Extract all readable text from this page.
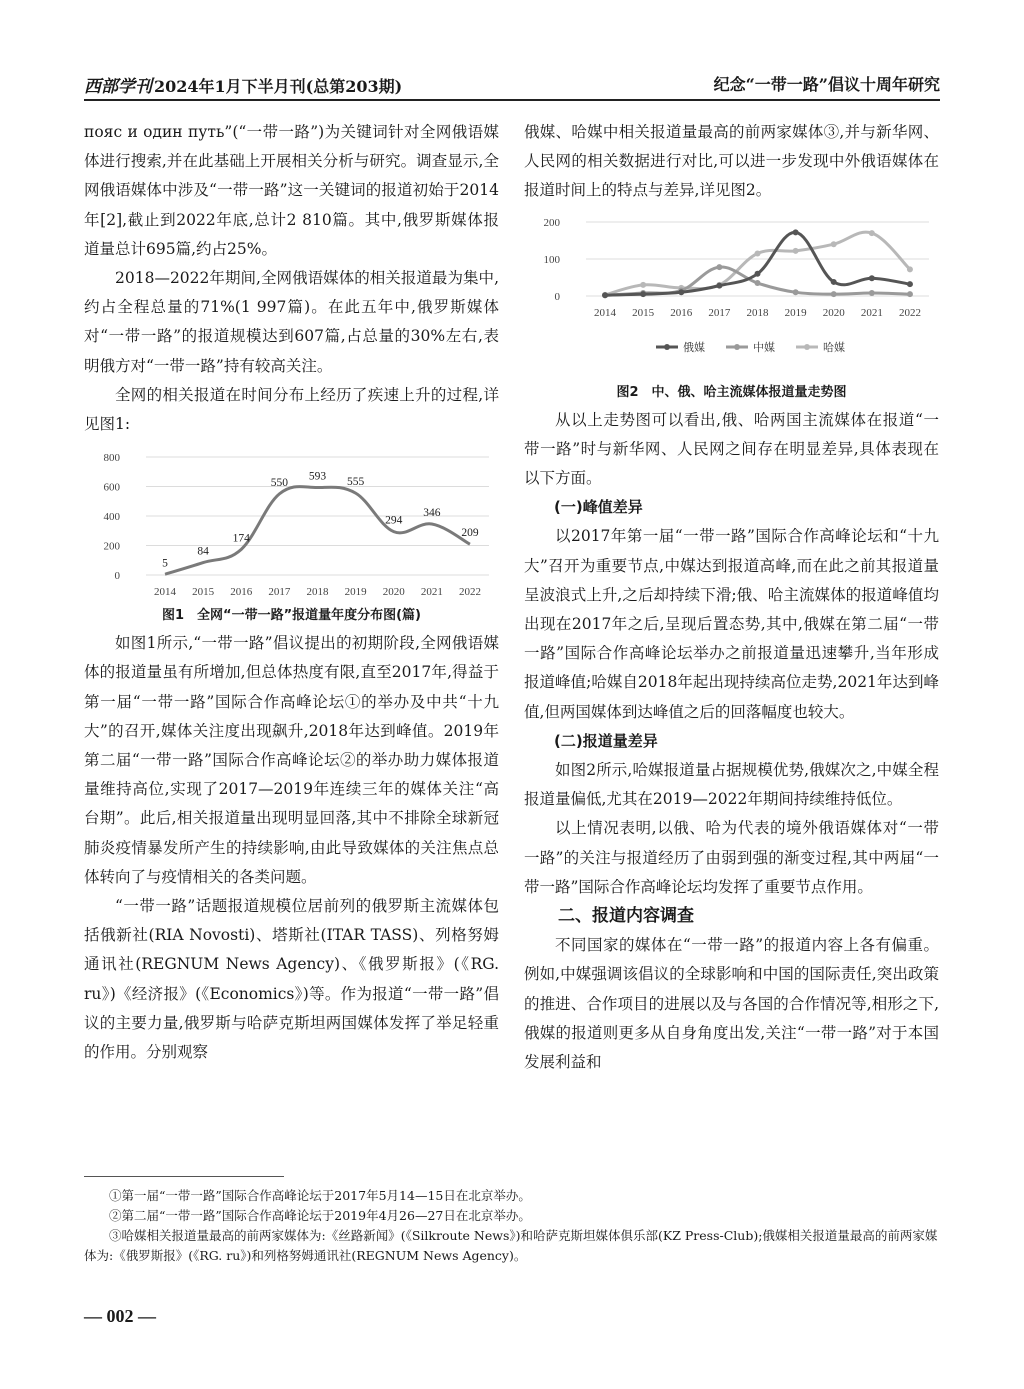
西部学刊 2024年1月下半月刊(总第203期)	纪念“一带一路”倡议十周年研究

пояс и один путь”(“一带一路”)为关键词针对全网俄语媒体进行搜索,并在此基础上开展相关分析与研究。调查显示,全网俄语媒体中涉及“一带一路”这一关键词的报道初始于2014年[2],截止到2022年底,总计2 810篇。其中,俄罗斯媒体报道量总计695篇,约占25%。

2018—2022年期间,全网俄语媒体的相关报道最为集中,约占全程总量的71%(1 997篇)。在此五年中,俄罗斯媒体对“一带一路”的报道规模达到607篇,占总量的30%左右,表明俄方对“一带一路”持有较高关注。

全网的相关报道在时间分布上经历了疾速上升的过程,详见图1:

0
200
400
600
800
2014 2015 2016 2017 2018 2019 2020 2021 2022
5
84
174
550
593 555
294
346
209
图1　全网“一带一路”报道量年度分布图(篇)

如图1所示,“一带一路”倡议提出的初期阶段,全网俄语媒体的报道量虽有所增加,但总体热度有限,直至2017年,得益于第一届“一带一路”国际合作高峰论坛①的举办及中共“十九大”的召开,媒体关注度出现飙升,2018年达到峰值。2019年第二届“一带一路”国际合作高峰论坛②的举办助力媒体报道量维持高位,实现了2017—2019年连续三年的媒体关注“高台期”。此后,相关报道量出现明显回落,其中不排除全球新冠肺炎疫情暴发所产生的持续影响,由此导致媒体的关注焦点总体转向了与疫情相关的各类问题。

“一带一路”话题报道规模位居前列的俄罗斯主流媒体包括俄新社(RIA Novosti)、塔斯社(ITAR TASS)、列格努姆通讯社(REGNUM News Agency)、《俄罗斯报》(《RG. ru》)《经济报》(《Economics》)等。作为报道“一带一路”倡议的主要力量,俄罗斯与哈萨克斯坦两国媒体发挥了举足轻重的作用。分别观察

俄媒、哈媒中相关报道量最高的前两家媒体③,并与新华网、人民网的相关数据进行对比,可以进一步发现中外俄语媒体在报道时间上的特点与差异,详见图2。

0
100
200
2014 2015 2016 2017 2018 2019 2020 2021 2022
俄媒	中媒	哈媒
图2　中、俄、哈主流媒体报道量走势图

从以上走势图可以看出,俄、哈两国主流媒体在报道“一带一路”时与新华网、人民网之间存在明显差异,具体表现在以下方面。

(一)峰值差异

以2017年第一届“一带一路”国际合作高峰论坛和“十九大”召开为重要节点,中媒达到报道高峰,而在此之前其报道量呈波浪式上升,之后却持续下滑;俄、哈主流媒体的报道峰值均出现在2017年之后,呈现后置态势,其中,俄媒在第二届“一带一路”国际合作高峰论坛举办之前报道量迅速攀升,当年形成报道峰值;哈媒自2018年起出现持续高位走势,2021年达到峰值,但两国媒体到达峰值之后的回落幅度也较大。

(二)报道量差异

如图2所示,哈媒报道量占据规模优势,俄媒次之,中媒全程报道量偏低,尤其在2019—2022年期间持续维持低位。

以上情况表明,以俄、哈为代表的境外俄语媒体对“一带一路”的关注与报道经历了由弱到强的渐变过程,其中两届“一带一路”国际合作高峰论坛均发挥了重要节点作用。

二、报道内容调查

不同国家的媒体在“一带一路”的报道内容上各有偏重。例如,中媒强调该倡议的全球影响和中国的国际责任,突出政策的推进、合作项目的进展以及与各国的合作情况等,相形之下,俄媒的报道则更多从自身角度出发,关注“一带一路”对于本国发展利益和

①第一届“一带一路”国际合作高峰论坛于2017年5月14—15日在北京举办。

②第二届“一带一路”国际合作高峰论坛于2019年4月26—27日在北京举办。

③哈媒相关报道量最高的前两家媒体为:《丝路新闻》(《Silkroute News》)和哈萨克斯坦媒体俱乐部(KZ Press-Club);俄媒相关报道量最高的前两家媒体为:《俄罗斯报》(《RG. ru》)和列格努姆通讯社(REGNUM News Agency)。

— 002 —
